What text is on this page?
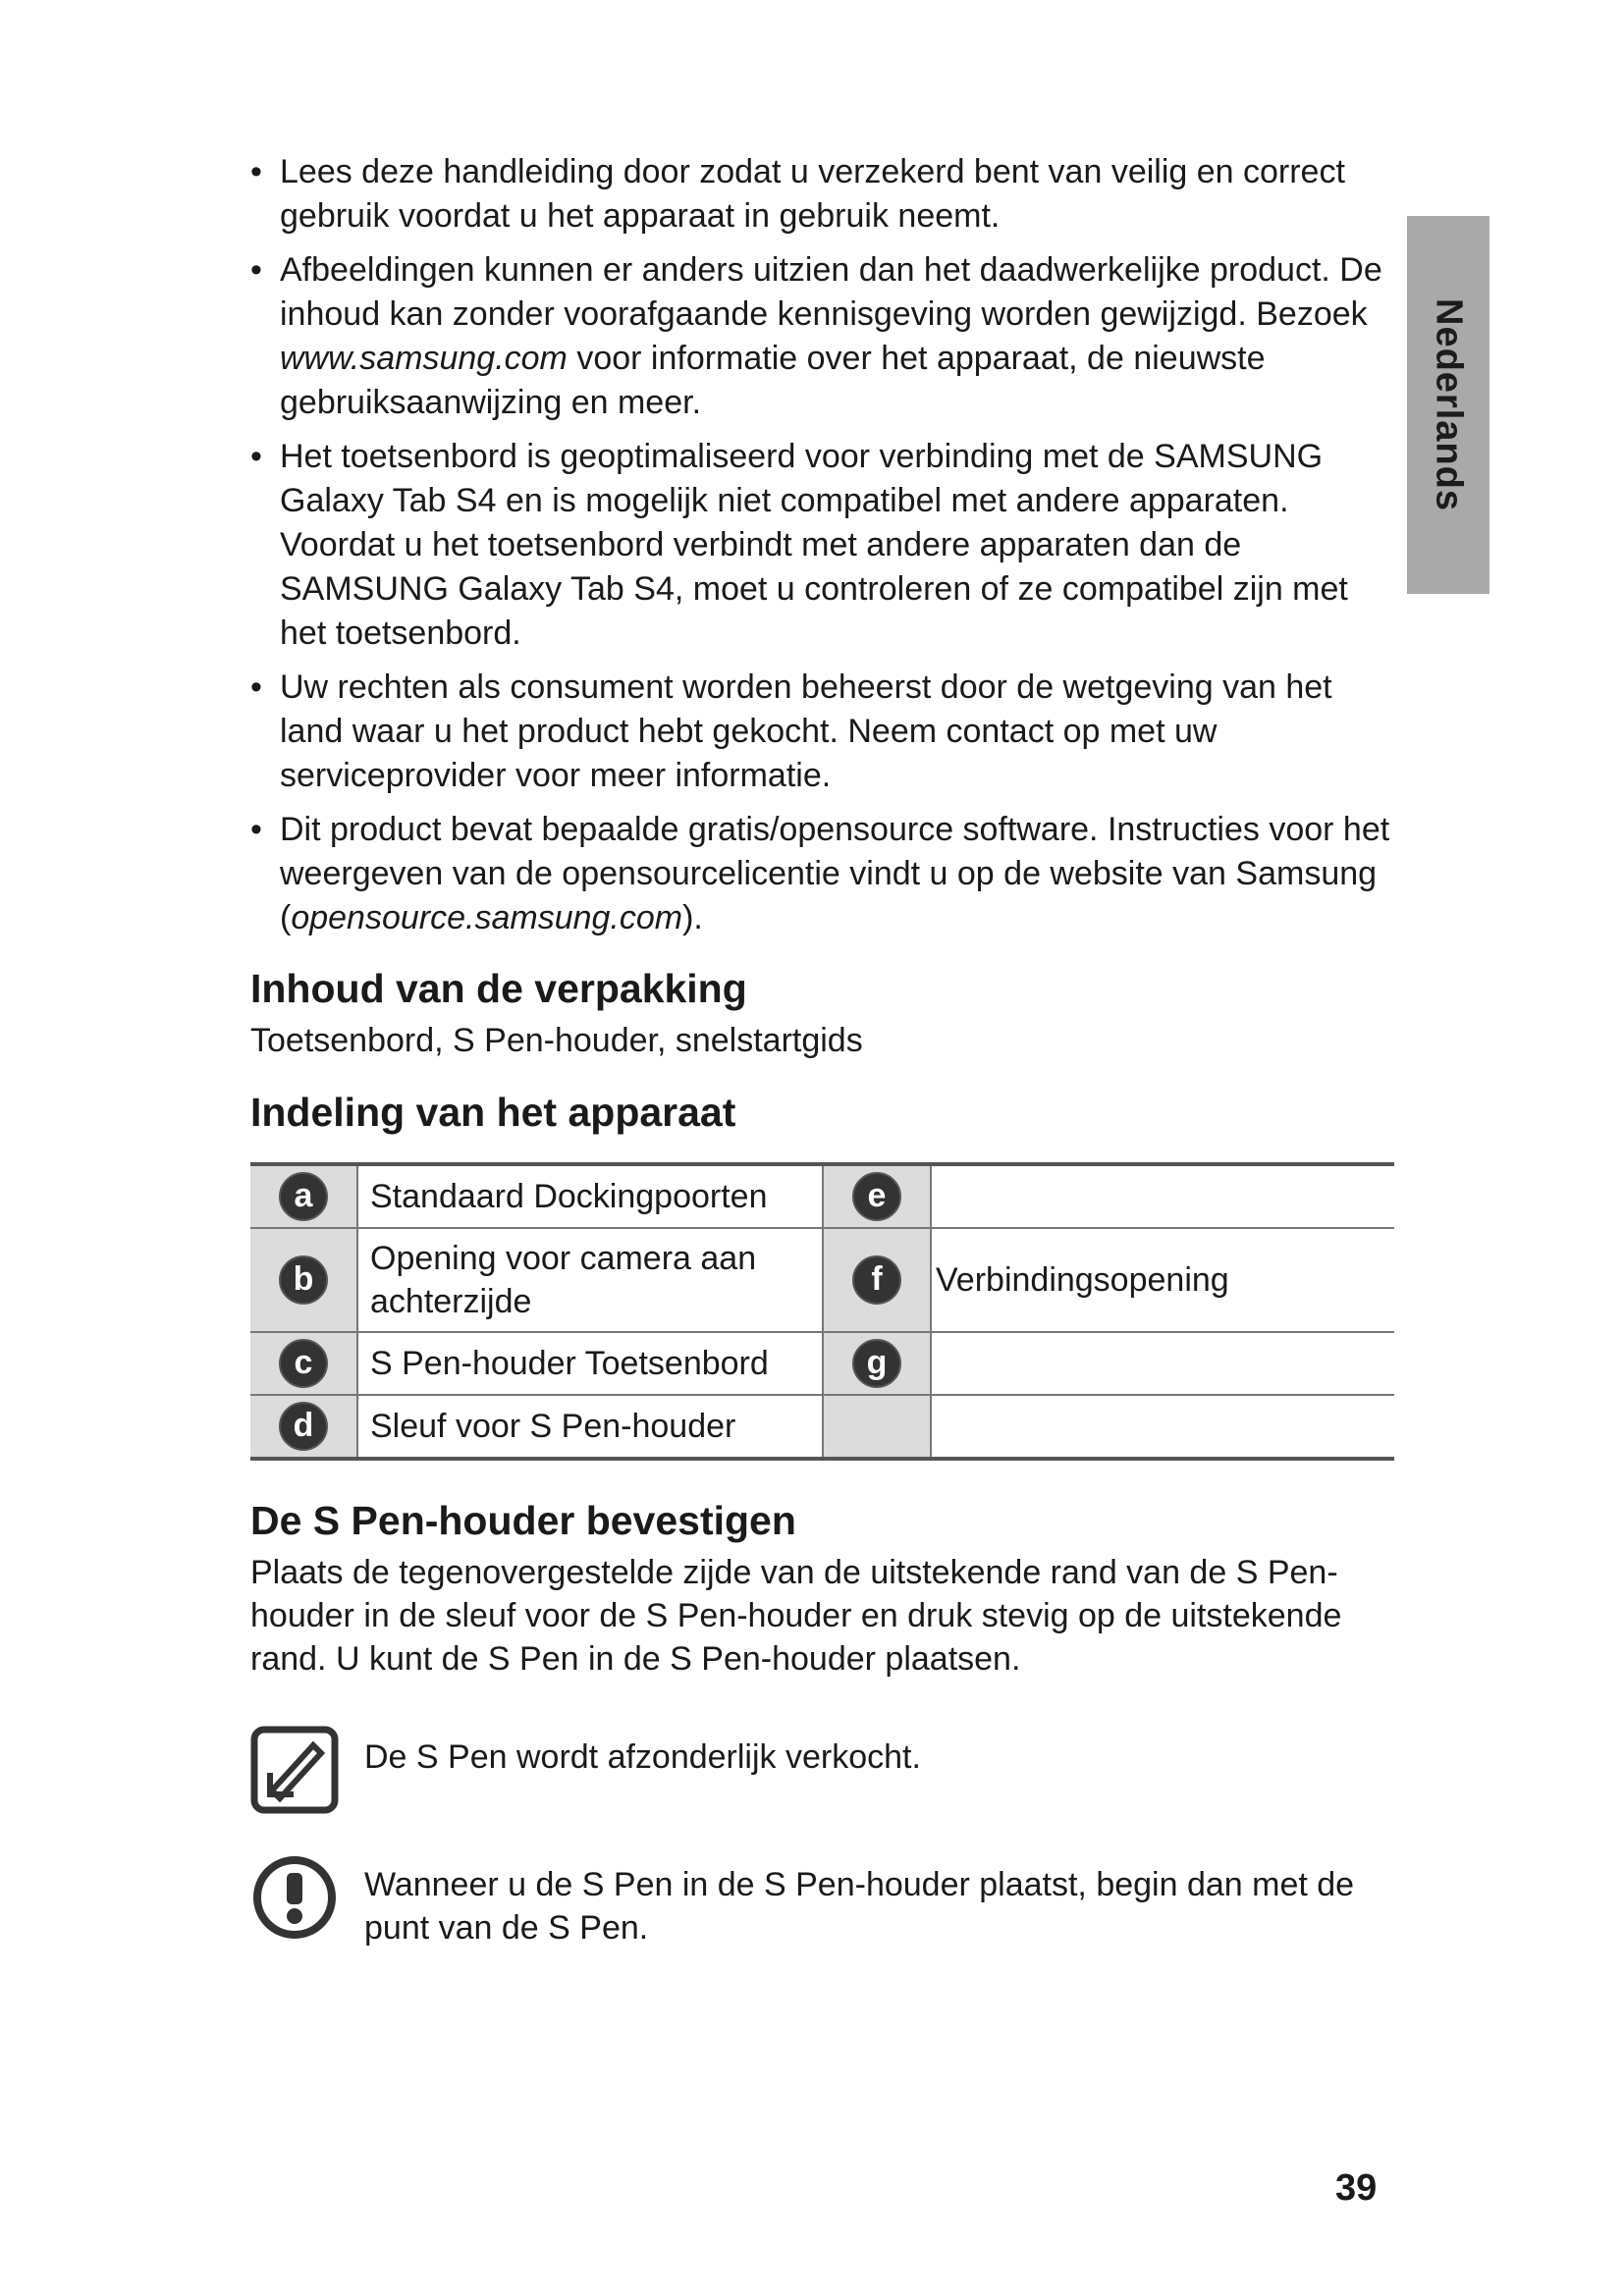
Nederlands
• Lees deze handleiding door zodat u verzekerd bent van veilig en correct gebruik voordat u het apparaat in gebruik neemt.
• Afbeeldingen kunnen er anders uitzien dan het daadwerkelijke product. De inhoud kan zonder voorafgaande kennisgeving worden gewijzigd. Bezoek www.samsung.com voor informatie over het apparaat, de nieuwste gebruiksaanwijzing en meer.
• Het toetsenbord is geoptimaliseerd voor verbinding met de SAMSUNG Galaxy Tab S4 en is mogelijk niet compatibel met andere apparaten. Voordat u het toetsenbord verbindt met andere apparaten dan de SAMSUNG Galaxy Tab S4, moet u controleren of ze compatibel zijn met het toetsenbord.
• Uw rechten als consument worden beheerst door de wetgeving van het land waar u het product hebt gekocht. Neem contact op met uw serviceprovider voor meer informatie.
• Dit product bevat bepaalde gratis/opensource software. Instructies voor het weergeven van de opensourcelicentie vindt u op de website van Samsung (opensource.samsung.com).
Inhoud van de verpakking

Toetsenbord, S Pen-houder, snelstartgids

Indeling van het apparaat
a	Standaard Dockingpoorten	e	
b	Opening voor camera aan achterzijde	f	Verbindingsopening
c	S Pen-houder Toetsenbord	g	
d	Sleuf voor S Pen-houder		
De S Pen-houder bevestigen

Plaats de tegenovergestelde zijde van de uitstekende rand van de S Pen-houder in de sleuf voor de S Pen-houder en druk stevig op de uitstekende rand. U kunt de S Pen in de S Pen-houder plaatsen.

De S Pen wordt afzonderlijk verkocht.
Wanneer u de S Pen in de S Pen-houder plaatst, begin dan met de punt van de S Pen.
39
